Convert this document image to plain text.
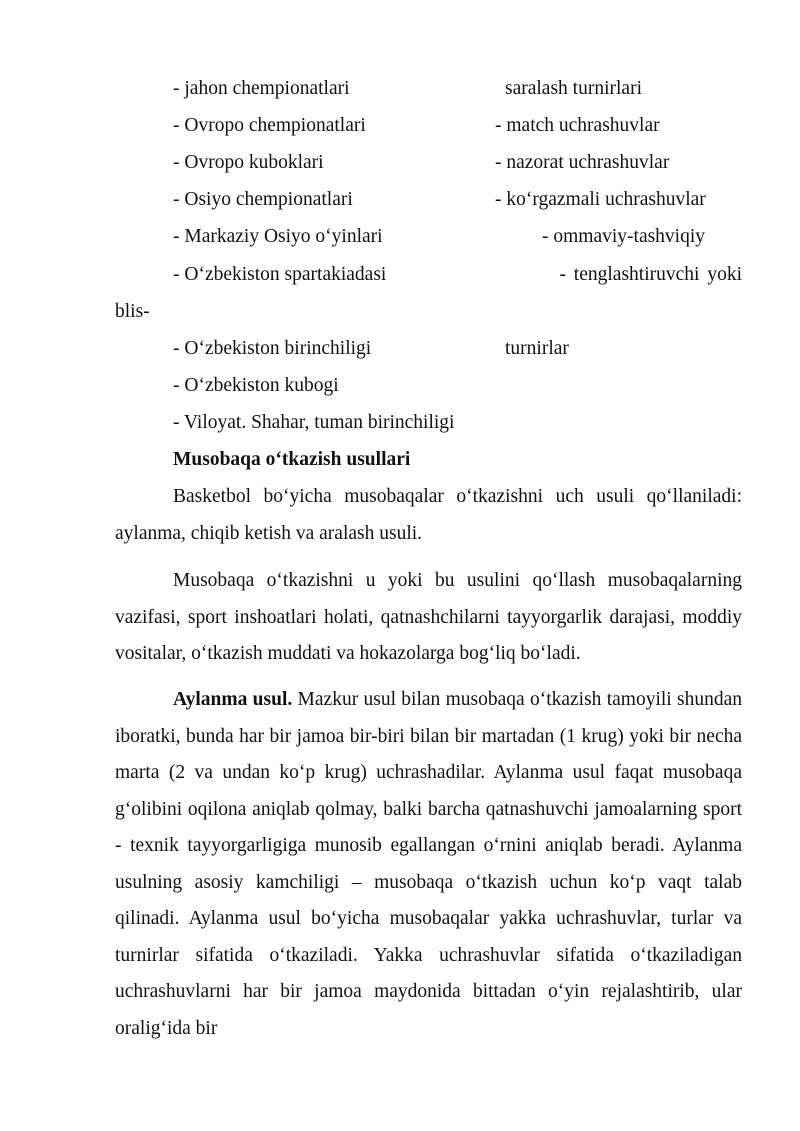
- jahon chempionatlari
- Ovropo chempionatlari
- Ovropo kuboklari
- Osiyo chempionatlari
- Markaziy Osiyo o‘yinlari
- O‘zbekiston spartakiadasi
blis-
- O‘zbekiston birinchiligi
- O‘zbekiston kubogi
- Viloyat. Shahar, tuman birinchiligi
saralash turnirlari
- match uchrashuvlar
- nazorat uchrashuvlar
- ko‘rgazmali uchrashuvlar
- ommaviy-tashviqiy
- tenglashtiruvchi yoki
turnirlar
Musobaqa o‘tkazish usullari

Basketbol bo‘yicha musobaqalar o‘tkazishni uch usuli qo‘llaniladi: aylanma, chiqib ketish va aralash usuli.

Musobaqa o‘tkazishni u yoki bu usulini qo‘llash musobaqalarning vazifasi, sport inshoatlari holati, qatnashchilarni tayyorgarlik darajasi, moddiy vositalar, o‘tkazish muddati va hokazolarga bog‘liq bo‘ladi.

Aylanma usul. Mazkur usul bilan musobaqa o‘tkazish tamoyili shundan iboratki, bunda har bir jamoa bir-biri bilan bir martadan (1 krug) yoki bir necha marta (2 va undan ko‘p krug) uchrashadilar. Aylanma usul faqat musobaqa g‘olibini oqilona aniqlab qolmay, balki barcha qatnashuvchi jamoalarning sport - texnik tayyorgarligiga munosib egallangan o‘rnini aniqlab beradi. Aylanma usulning asosiy kamchiligi – musobaqa o‘tkazish uchun ko‘p vaqt talab qilinadi. Aylanma usul bo‘yicha musobaqalar yakka uchrashuvlar, turlar va turnirlar sifatida o‘tkaziladi. Yakka uchrashuvlar sifatida o‘tkaziladigan uchrashuvlarni har bir jamoa maydonida bittadan o‘yin rejalashtirib, ular oralig‘ida bir
